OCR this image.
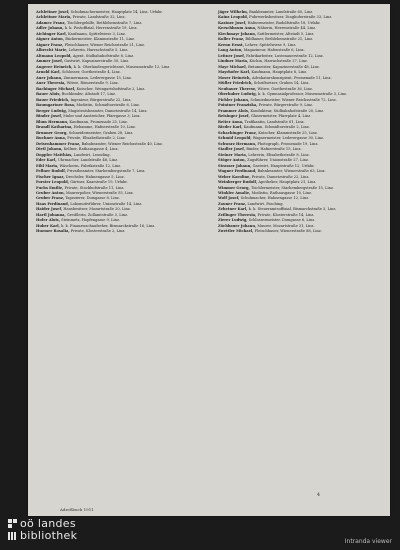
Achleitner Josef, Schuhmachermeister, Hauptplatz 14, Linz, Urfahr.
Achleitner Maria, Private, Landstraße 32, Linz.
Adamec Franz, Tischlergehilfe, Bethlehemstraße 7, Linz.
Adler Johann, k. k. Postoffizial, Herrenstraße 19, Linz.
Aichinger Karl, Kaufmann, Spittelwiese 3, Linz.
Aigner Anton, Bäckermeister, Klammstraße 11, Linz.
Aigner Franz, Fleischhauer, Wiener Reichsstraße 21, Linz.
Albrecht Marie, Lehrerin, Harrachstraße 5, Linz.
Altmann Leopold, Agent, Südbahnhofstraße 8, Linz.
Ammer Josef, Gastwirt, Kapuzinerstraße 30, Linz.
Angerer Heinrich, k. k. Oberlandesgerichtsrat, Museumstraße 12, Linz.
Arnold Karl, Schlosser, Goethestraße 4, Linz.
Auer Johann, Zimmermann, Lederergasse 15, Linz.
Auer Theresia, Witwe, Römerstraße 9, Linz.
Bachinger Michael, Kutscher, Weingartshofstraße 2, Linz.
Bauer Alois, Buchbinder, Altstadt 17, Linz.
Bauer Friedrich, Ingenieur, Bürgerstraße 22, Linz.
Baumgartner Rosa, Modistin, Schmidtorstraße 6, Linz.
Berger Ludwig, Magistratsbeamter, Dametzstraße 14, Linz.
Binder Josef, Maler und Anstreicher, Pfarrgasse 3, Linz.
Blum Hermann, Kaufmann, Promenade 25, Linz.
Brandl Katharina, Hebamme, Hafnerstraße 10, Linz.
Brunner Georg, Schneidermeister, Graben 28, Linz.
Buchner Anna, Private, Elisabethstraße 2, Linz.
Deisenhammer Franz, Bahnbeamter, Wiener Reichsstraße 40, Linz.
Dietl Johann, Kellner, Rathausgasse 4, Linz.
Doppler Matthias, Landwirt, Leonding.
Eder Karl, Uhrmacher, Landstraße 48, Linz.
Eibl Maria, Wäscherin, Fabrikstraße 12, Linz.
Fellner Rudolf, Privatbeamter, Starhembergstraße 7, Linz.
Fischer Ignaz, Drechsler, Hahnengasse 5, Linz.
Forster Leopold, Gärtner, Kaarstraße 19, Urfahr.
Fuchs Emilie, Private, Stockhofstraße 11, Linz.
Gruber Anton, Maurerpolier, Wienerstraße 55, Linz.
Gruber Franz, Tapezierer, Domgasse 8, Linz.
Haas Ferdinand, Lokomotivführer, Unionstraße 14, Linz.
Haider Josef, Hausbesitzer, Mozartstraße 20, Linz.
Hartl Johanna, Greißlerin, Zollamtstraße 3, Linz.
Hofer Alois, Steinmetz, Hopfengasse 9, Linz.
Huber Karl, k. k. Finanzwachaufseher, Bismarckstraße 16, Linz.
Huemer Rosalia, Private, Klosterstraße 2, Linz.
Jäger Wilhelm, Bankbeamter, Landstraße 60, Linz.
Kainz Leopold, Fuhrwerksbesitzer, Dinghoferstraße 33, Linz.
Kastner Josef, Hafnermeister, Rudolfstraße 18, Urfahr.
Kerschbaum Anna, Näherin, Herrenstraße 44, Linz.
Kirchmayr Johann, Sattlermeister, Altstadt 5, Linz.
Koller Franz, Bildhauer, Bethlehemstraße 21, Linz.
Krenn Ernst, Lehrer, Spittelwiese 9, Linz.
Lang Anton, Magazineur, Hafenstraße 6, Linz.
Leitner Josef, Fabrikarbeiter, Lustenauerstraße 12, Linz.
Lindner Maria, Köchin, Harrachstraße 27, Linz.
Mayr Michael, Bräumeister, Kapuzinerstraße 48, Linz.
Mayrhofer Karl, Kaufmann, Hauptplatz 8, Linz.
Moser Heinrich, Advokaturskonzipient, Promenade 11, Linz.
Müller Friedrich, Schriftsetzer, Graben 14, Linz.
Neubauer Therese, Witwe, Goethestraße 36, Linz.
Oberhuber Ludwig, k. k. Gymnasialprofessor, Museumstraße 3, Linz.
Pichler Johann, Schmiedmeister, Wiener Reichsstraße 72, Linz.
Pointner Franziska, Private, Bürgerstraße 9, Linz.
Prammer Alois, Kondukteur, Südbahnhofstraße 20, Linz.
Reisinger Josef, Glasermeister, Pfarrplatz 4, Linz.
Reiter Anna, Trafikantin, Landstraße 81, Linz.
Rieder Karl, Kaufmann, Schmidtorstraße 2, Linz.
Schachinger Franz, Kutscher, Klammstraße 25, Linz.
Schmid Leopold, Wagnermeister, Lederergasse 30, Linz.
Schwarz Hermann, Photograph, Promenade 19, Linz.
Stadler Josef, Binder, Hafnerstraße 15, Linz.
Steiner Maria, Lehrerin, Elisabethstraße 8, Linz.
Stöger Anton, Zugsführer, Unionstraße 27, Linz.
Strasser Johann, Gastwirt, Hauptstraße 12, Urfahr.
Wagner Ferdinand, Bahnbeamter, Wienerstraße 63, Linz.
Weber Karoline, Private, Dametzstraße 22, Linz.
Weinberger Rudolf, Apotheker, Hauptplatz 21, Linz.
Wimmer Georg, Tischlermeister, Starhembergstraße 15, Linz.
Winkler Amalie, Modistin, Rathausgasse 10, Linz.
Wolf Josef, Schuhmacher, Hahnengasse 12, Linz.
Zauner Franz, Landwirt, Pasching.
Zehetner Karl, k. k. Steueramtsoffizial, Bismarckstraße 5, Linz.
Zeilinger Theresia, Private, Klosterstraße 14, Linz.
Zierer Ludwig, Schlossermeister, Domgasse 6, Linz.
Zöchbauer Johann, Maurer, Mozartstraße 31, Linz.
Zwettler Michael, Fleischhauer, Wienerstraße 88, Linz.
Adreßbuch 1911
4
oö landes
bibliothek	Intranda viewer
